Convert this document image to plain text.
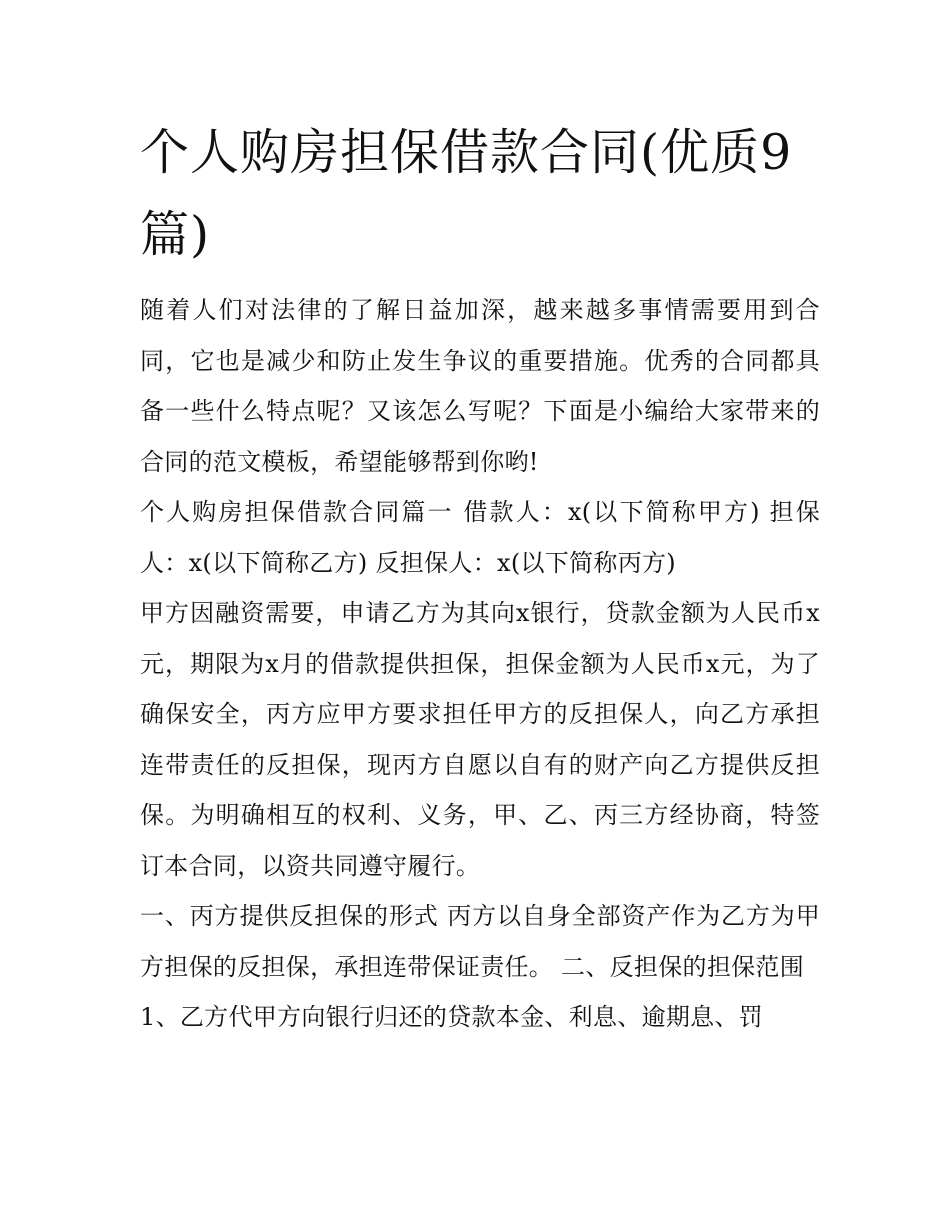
个人购房担保借款合同(优质9篇)

随着人们对法律的了解日益加深，越来越多事情需要用到合同，它也是减少和防止发生争议的重要措施。优秀的合同都具备一些什么特点呢？又该怎么写呢？下面是小编给大家带来的合同的范文模板，希望能够帮到你哟!

个人购房担保借款合同篇一 借款人：x(以下简称甲方) 担保人：x(以下简称乙方) 反担保人：x(以下简称丙方)

甲方因融资需要，申请乙方为其向x银行，贷款金额为人民币x元，期限为x月的借款提供担保，担保金额为人民币x元，为了确保安全，丙方应甲方要求担任甲方的反担保人，向乙方承担连带责任的反担保，现丙方自愿以自有的财产向乙方提供反担保。为明确相互的权利、义务，甲、乙、丙三方经协商，特签订本合同，以资共同遵守履行。

一、丙方提供反担保的形式 丙方以自身全部资产作为乙方为甲方担保的反担保，承担连带保证责任。 二、反担保的担保范围

1、乙方代甲方向银行归还的贷款本金、利息、逾期息、罚
